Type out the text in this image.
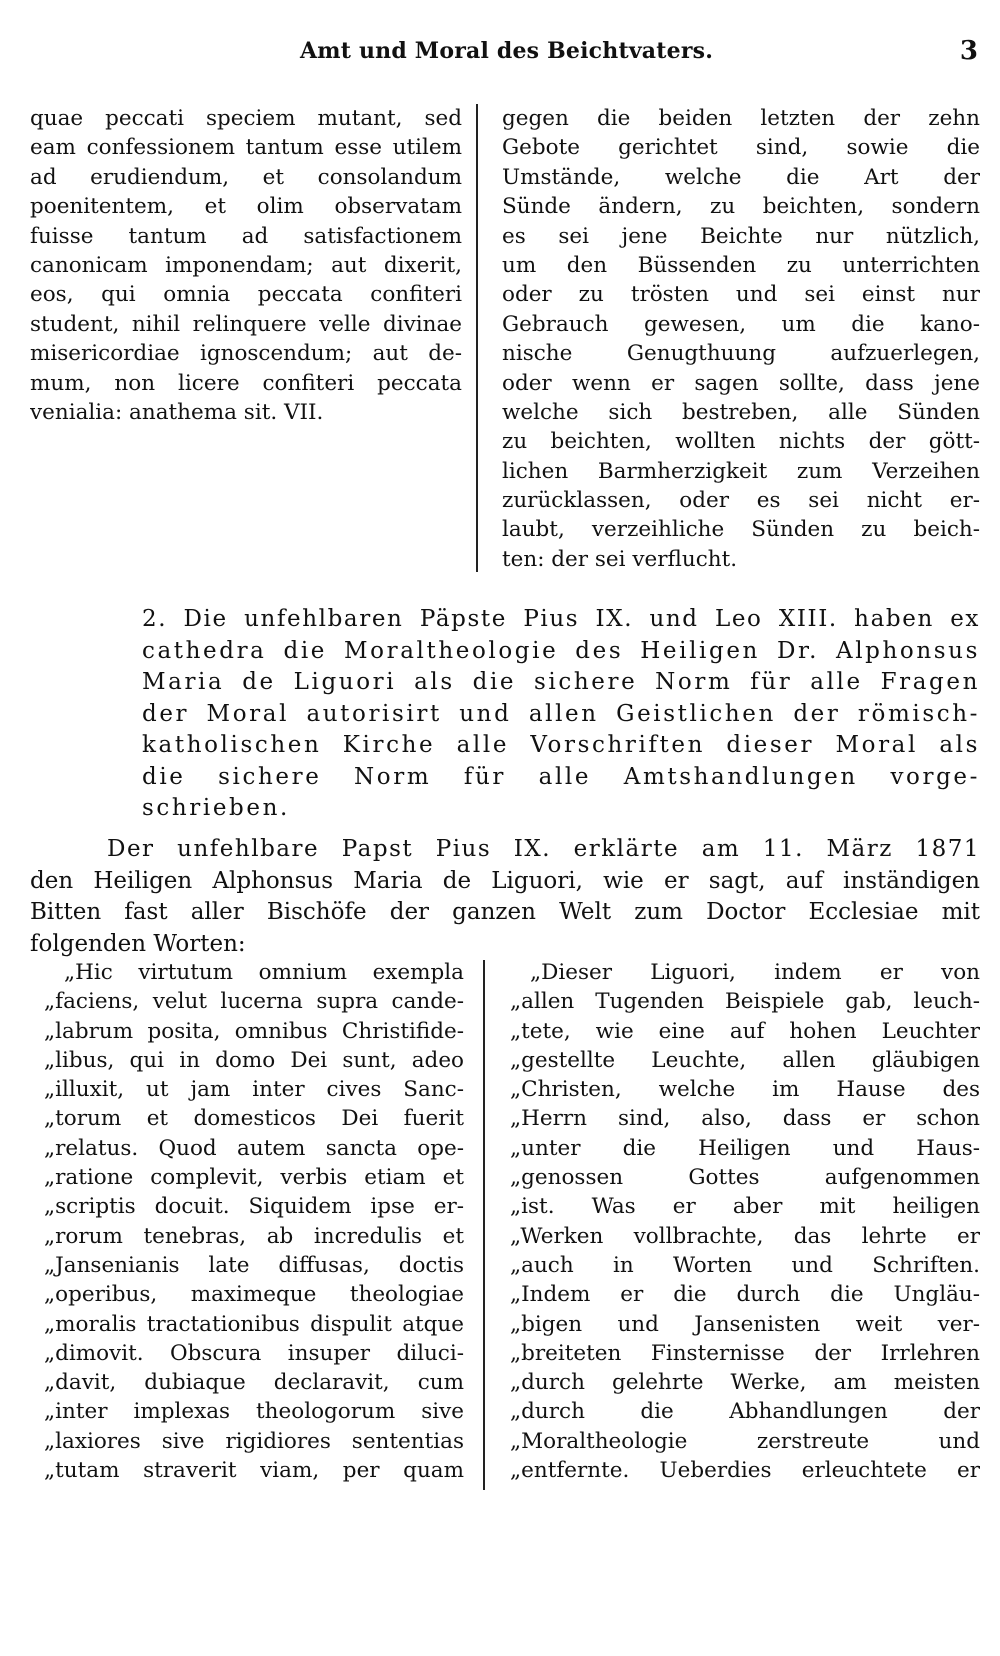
Amt und Moral des Beichtvaters.	3
quae peccati speciem mutant, sed
eam confessionem tantum esse utilem
ad erudiendum, et consolandum
poenitentem, et olim observatam
fuisse tantum ad satisfactionem
canonicam imponendam; aut dixerit,
eos, qui omnia peccata confiteri
student, nihil relinquere velle divinae
misericordiae ignoscendum; aut de-
mum, non licere confiteri peccata
venialia: anathema sit. VII.
gegen die beiden letzten der zehn
Gebote gerichtet sind, sowie die
Umstände, welche die Art der
Sünde ändern, zu beichten, sondern
es sei jene Beichte nur nützlich,
um den Büssenden zu unterrichten
oder zu trösten und sei einst nur
Gebrauch gewesen, um die kano-
nische Genugthuung aufzuerlegen,
oder wenn er sagen sollte, dass jene
welche sich bestreben, alle Sünden
zu beichten, wollten nichts der gött-
lichen Barmherzigkeit zum Verzeihen
zurücklassen, oder es sei nicht er-
laubt, verzeihliche Sünden zu beich-
ten: der sei verflucht.
2. Die unfehlbaren Päpste Pius IX. und Leo XIII. haben ex
cathedra die Moraltheologie des Heiligen Dr. Alphonsus
Maria de Liguori als die sichere Norm für alle Fragen
der Moral autorisirt und allen Geistlichen der römisch-
katholischen Kirche alle Vorschriften dieser Moral als
die sichere Norm für alle Amtshandlungen vorge-
schrieben.
Der unfehlbare Papst Pius IX. erklärte am 11. März 1871
den Heiligen Alphonsus Maria de Liguori, wie er sagt, auf inständigen
Bitten fast aller Bischöfe der ganzen Welt zum Doctor Ecclesiae mit
folgenden Worten:
„Hic virtutum omnium exempla
„faciens, velut lucerna supra cande-
„labrum posita, omnibus Christifide-
„libus, qui in domo Dei sunt, adeo
„illuxit, ut jam inter cives Sanc-
„torum et domesticos Dei fuerit
„relatus. Quod autem sancta ope-
„ratione complevit, verbis etiam et
„scriptis docuit. Siquidem ipse er-
„rorum tenebras, ab incredulis et
„Jansenianis late diffusas, doctis
„operibus, maximeque theologiae
„moralis tractationibus dispulit atque
„dimovit. Obscura insuper diluci-
„davit, dubiaque declaravit, cum
„inter implexas theologorum sive
„laxiores sive rigidiores sententias
„tutam straverit viam, per quam
„Dieser Liguori, indem er von
„allen Tugenden Beispiele gab, leuch-
„tete, wie eine auf hohen Leuchter
„gestellte Leuchte, allen gläubigen
„Christen, welche im Hause des
„Herrn sind, also, dass er schon
„unter die Heiligen und Haus-
„genossen Gottes aufgenommen
„ist. Was er aber mit heiligen
„Werken vollbrachte, das lehrte er
„auch in Worten und Schriften.
„Indem er die durch die Ungläu-
„bigen und Jansenisten weit ver-
„breiteten Finsternisse der Irrlehren
„durch gelehrte Werke, am meisten
„durch die Abhandlungen der
„Moraltheologie zerstreute und
„entfernte. Ueberdies erleuchtete er
